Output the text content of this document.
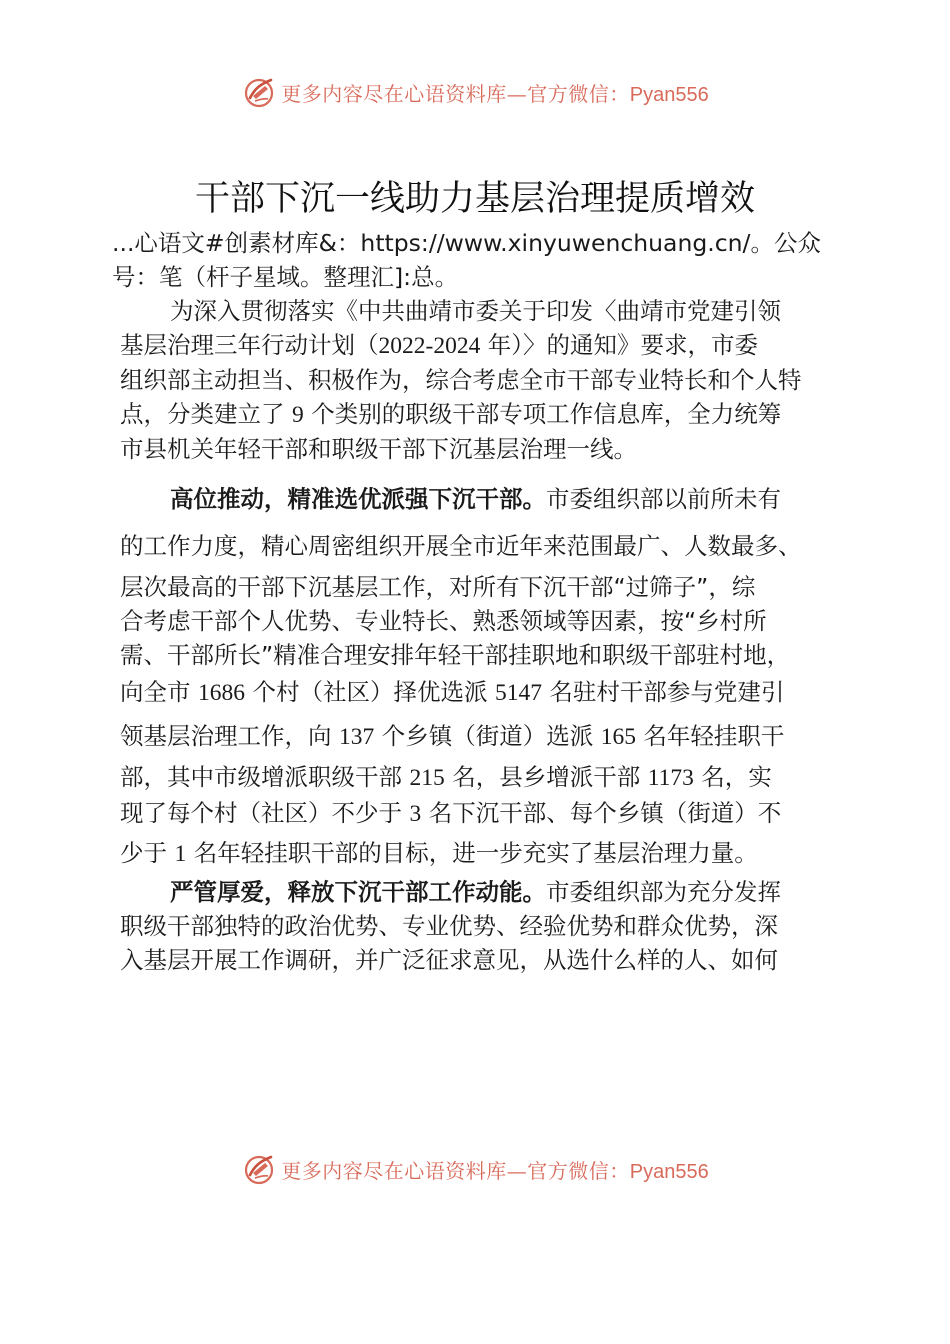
更多内容尽在心语资料库—官方微信：Pyan556
干部下沉一线助力基层治理提质增效
...心语文#创素材库&：https://www.xinyuwenchuang.cn/。公众
号：笔（杆子星域。整理汇]:总。
为深入贯彻落实《中共曲靖市委关于印发〈曲靖市党建引领
基层治理三年行动计划（2022-2024 年）〉的通知》要求，市委
组织部主动担当、积极作为，综合考虑全市干部专业特长和个人特
点，分类建立了 9 个类别的职级干部专项工作信息库，全力统筹
市县机关年轻干部和职级干部下沉基层治理一线。
高位推动，精准选优派强下沉干部。市委组织部以前所未有
的工作力度，精心周密组织开展全市近年来范围最广、人数最多、
层次最高的干部下沉基层工作，对所有下沉干部“过筛子”，综
合考虑干部个人优势、专业特长、熟悉领域等因素，按“乡村所
需、干部所长”精准合理安排年轻干部挂职地和职级干部驻村地，
向全市 1686 个村（社区）择优选派 5147 名驻村干部参与党建引
领基层治理工作，向 137 个乡镇（街道）选派 165 名年轻挂职干
部，其中市级增派职级干部 215 名，县乡增派干部 1173 名，实
现了每个村（社区）不少于 3 名下沉干部、每个乡镇（街道）不
少于 1 名年轻挂职干部的目标，进一步充实了基层治理力量。
严管厚爱，释放下沉干部工作动能。市委组织部为充分发挥
职级干部独特的政治优势、专业优势、经验优势和群众优势，深
入基层开展工作调研，并广泛征求意见，从选什么样的人、如何
更多内容尽在心语资料库—官方微信：Pyan556
